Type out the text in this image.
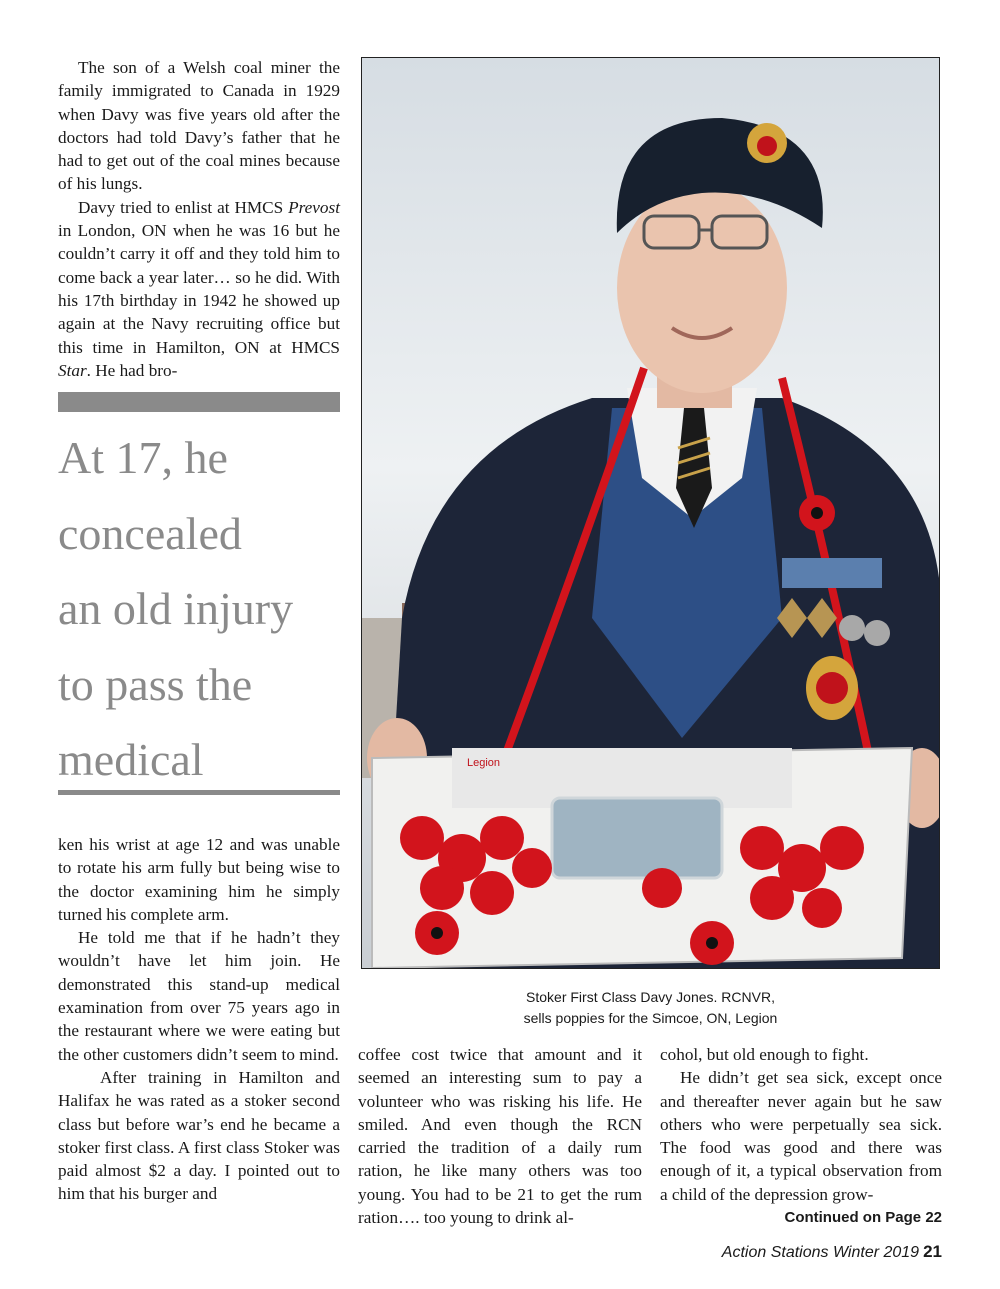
The son of a Welsh coal miner the family immigrated to Canada in 1929 when Davy was five years old after the doctors had told Davy’s father that he had to get out of the coal mines because of his lungs.

Davy tried to enlist at HMCS Prevost in London, ON when he was 16 but he couldn’t carry it off and they told him to come back a year later… so he did. With his 17th birthday in 1942 he showed up again at the Navy recruiting office but this time in Hamilton, ON at HMCS Star. He had bro-

At 17, he
concealed
an old injury
to pass the
medical

ken his wrist at age 12 and was unable to rotate his arm fully but being wise to the doctor examining him he simply turned his complete arm.

He told me that if he hadn’t they wouldn’t have let him join. He demonstrated this stand-up medical examination from over 75 years ago in the restaurant where we were eating but the other customers didn’t seem to mind.

After training in Hamilton and Halifax he was rated as a stoker second class but before war’s end he became a stoker first class. A first class Stoker was paid almost $2 a day. I pointed out to him that his burger and

Legion
Stoker First Class Davy Jones. RCNVR,
sells poppies for the Simcoe, ON, Legion

coffee cost twice that amount and it seemed an interesting sum to pay a volunteer who was risking his life. He smiled. And even though the RCN carried the tradition of a daily rum ration, he like many others was too young. You had to be 21 to get the rum ration…. too young to drink al-

cohol, but old enough to fight.

He didn’t get sea sick, except once and thereafter never again but he saw others who were perpetually sea sick. The food was good and there was enough of it, a typical observation from a child of the depression grow-

Continued on Page 22
Action Stations Winter 2019 21
